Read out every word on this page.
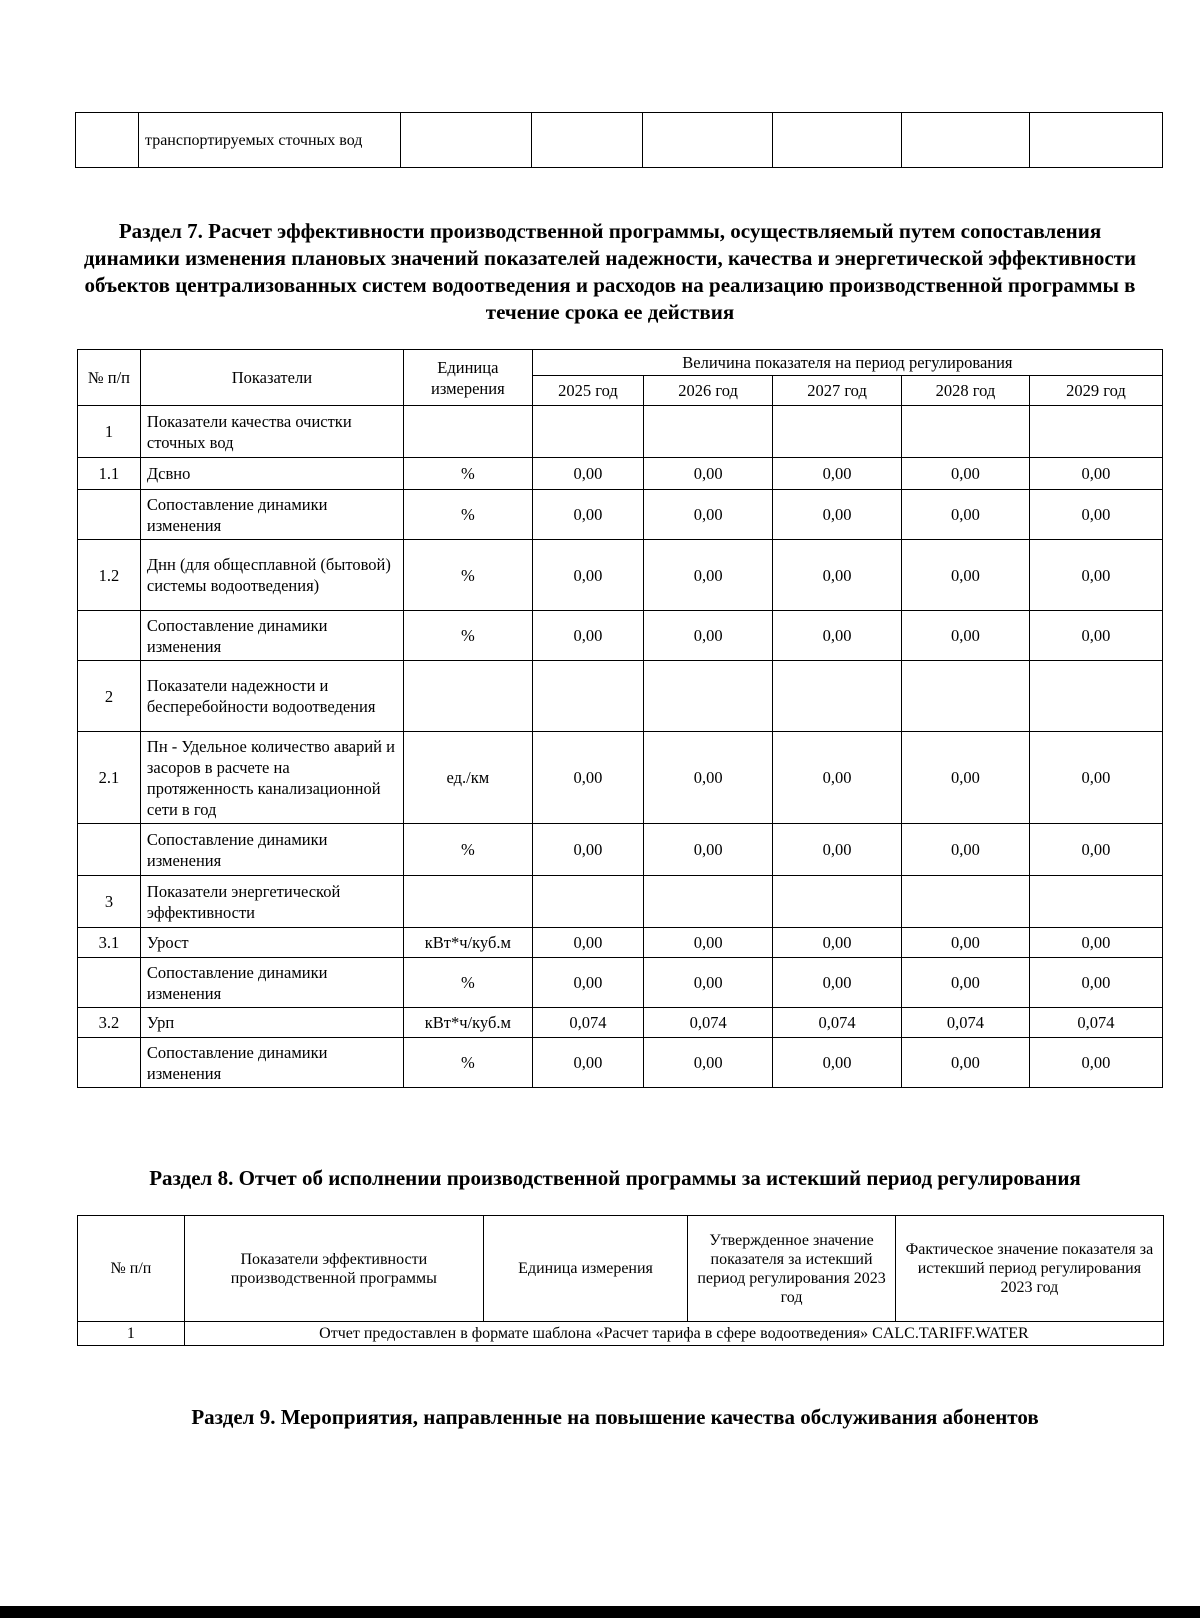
	транспортируемых сточных вод						
Раздел 7. Расчет эффективности производственной программы, осуществляемый путем сопоставления динамики изменения плановых значений показателей надежности, качества и энергетической эффективности объектов централизованных систем водоотведения и расходов на реализацию производственной программы в течение срока ее действия
№ п/п	Показатели	Единица измерения	Величина показателя на период регулирования				
			2025 год	2026 год	2027 год	2028 год	2029 год
1	Показатели качества очистки сточных вод						
1.1	Дсвно	%	0,00	0,00	0,00	0,00	0,00
	Сопоставление динамики изменения	%	0,00	0,00	0,00	0,00	0,00
1.2	Днн (для общесплавной (бытовой) системы водоотведения)	%	0,00	0,00	0,00	0,00	0,00
	Сопоставление динамики изменения	%	0,00	0,00	0,00	0,00	0,00
2	Показатели надежности и бесперебойности водоотведения						
2.1	Пн - Удельное количество аварий и засоров в расчете на протяженность канализационной сети в год	ед./км	0,00	0,00	0,00	0,00	0,00
	Сопоставление динамики изменения	%	0,00	0,00	0,00	0,00	0,00
3	Показатели энергетической эффективности						
3.1	Урост	кВт*ч/куб.м	0,00	0,00	0,00	0,00	0,00
	Сопоставление динамики изменения	%	0,00	0,00	0,00	0,00	0,00
3.2	Урп	кВт*ч/куб.м	0,074	0,074	0,074	0,074	0,074
	Сопоставление динамики изменения	%	0,00	0,00	0,00	0,00	0,00
Раздел 8. Отчет об исполнении производственной программы за истекший период регулирования
№ п/п	Показатели эффективности производственной программы	Единица измерения	Утвержденное значение показателя за истекший период регулирования 2023 год	Фактическое значение показателя за истекший период регулирования 2023 год
1	Отчет предоставлен в формате шаблона «Расчет тарифа в сфере водоотведения» CALC.TARIFF.WATER			
Раздел 9. Мероприятия, направленные на повышение качества обслуживания абонентов
